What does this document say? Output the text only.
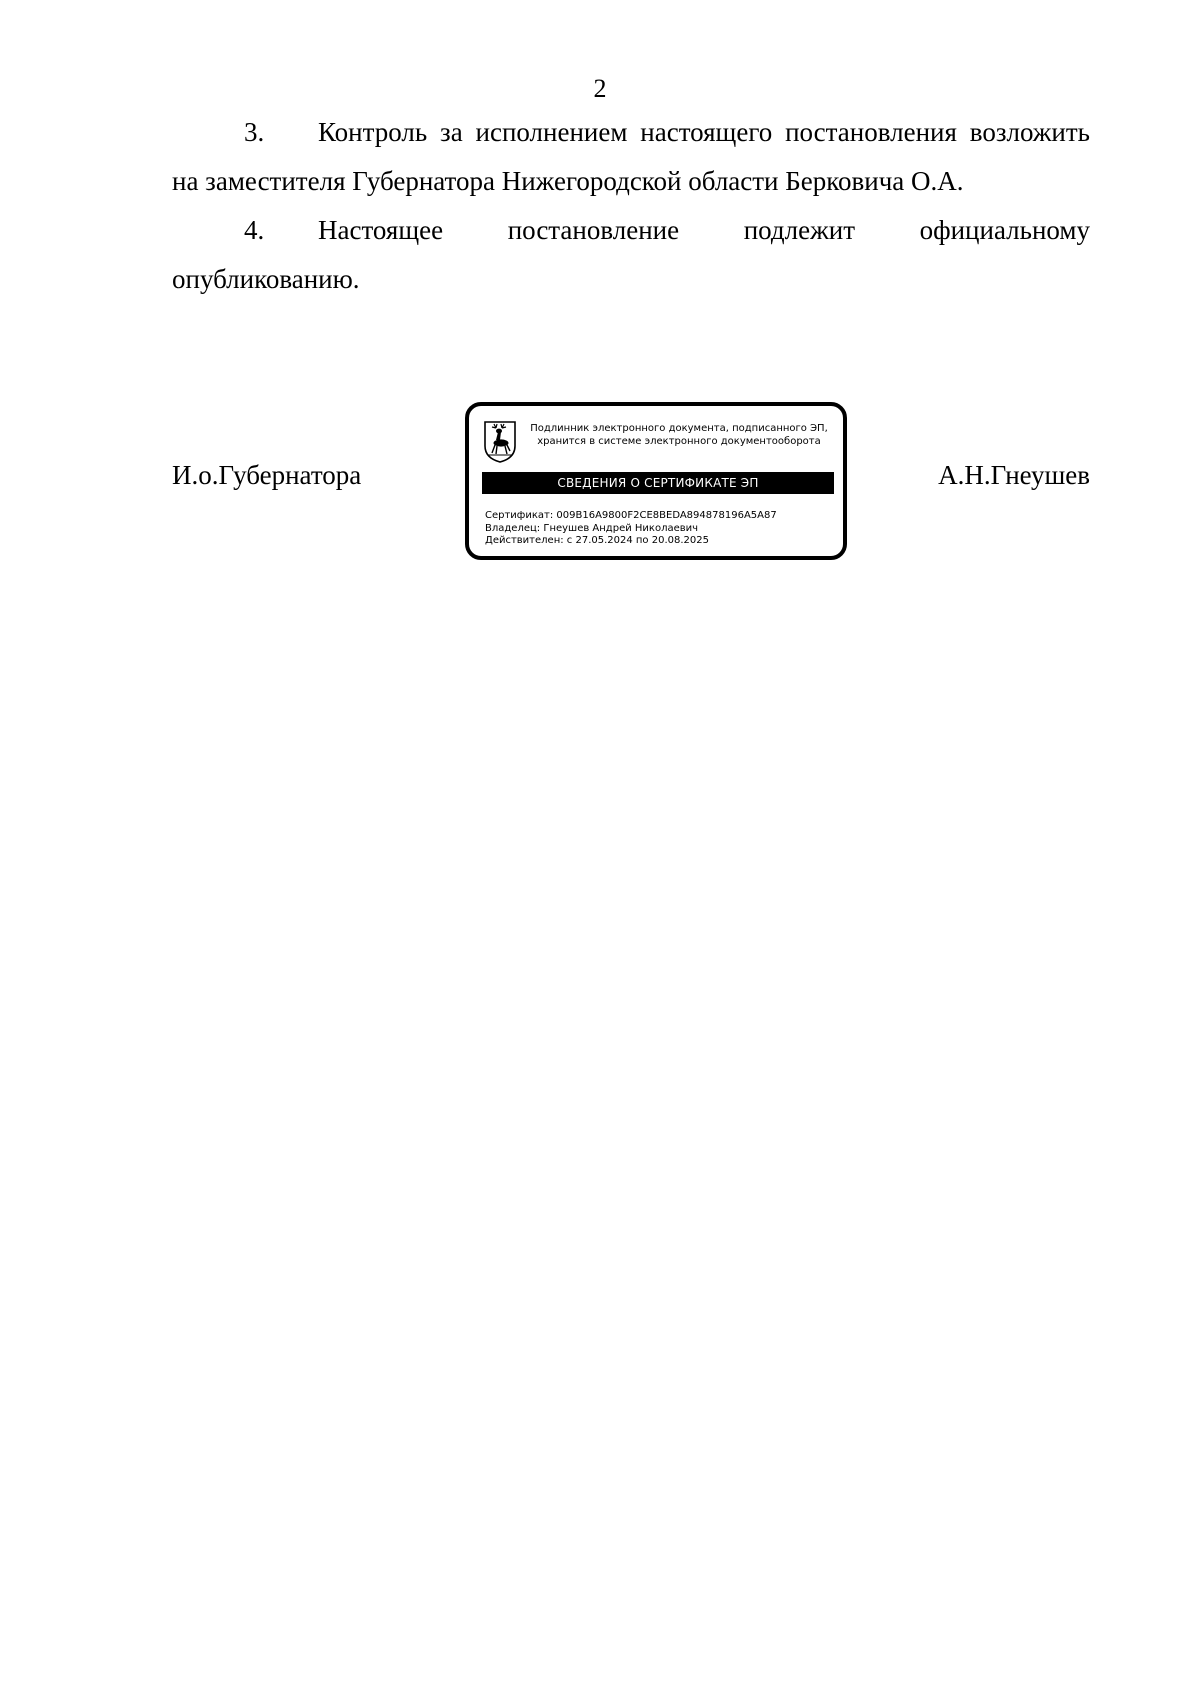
2

3. Контроль за исполнением настоящего постановления возложить на заместителя Губернатора Нижегородской области Берковича О.А.

4. Настоящее постановление подлежит официальному опубликованию.

И.о.Губернатора	А.Н.Гнеушев
Подлинник электронного документа, подписанного ЭП,
хранится в системе электронного документооборота
СВЕДЕНИЯ О СЕРТИФИКАТЕ ЭП
Сертификат: 009B16A9800F2CE8BEDA894878196A5A87
Владелец: Гнеушев Андрей Николаевич
Действителен: с 27.05.2024 по 20.08.2025
